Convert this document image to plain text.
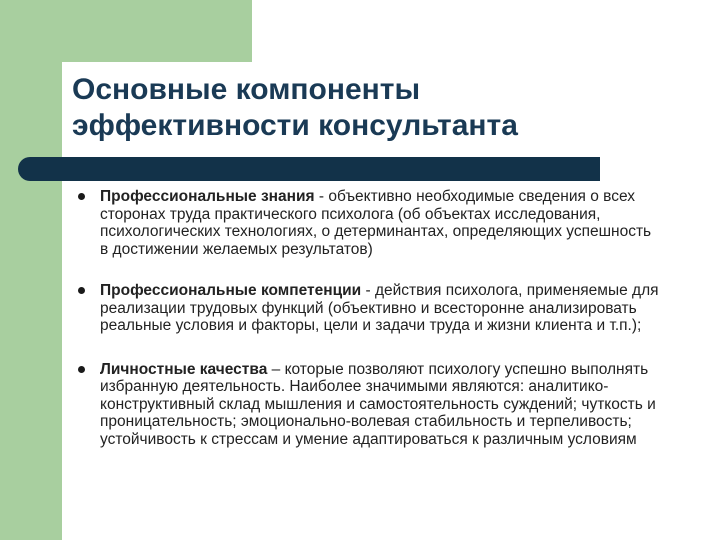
Основные компоненты
эффективности консультанта
Профессиональные знания - объективно необходимые сведения о всех сторонах труда практического психолога (об объектах исследования, психологических технологиях, о детерминантах, определяющих успешность в достижении желаемых результатов)
Профессиональные компетенции - действия психолога, применяемые для реализации трудовых функций (объективно и всесторонне анализировать реальные условия и факторы, цели и задачи труда и жизни клиента и т.п.);
Личностные качества – которые позволяют психологу успешно выполнять избранную деятельность. Наиболее значимыми являются: аналитико-конструктивный склад мышления и самостоятельность суждений; чуткость и проницательность; эмоционально-волевая стабильность и терпеливость; устойчивость к стрессам и умение адаптироваться к различным условиям
